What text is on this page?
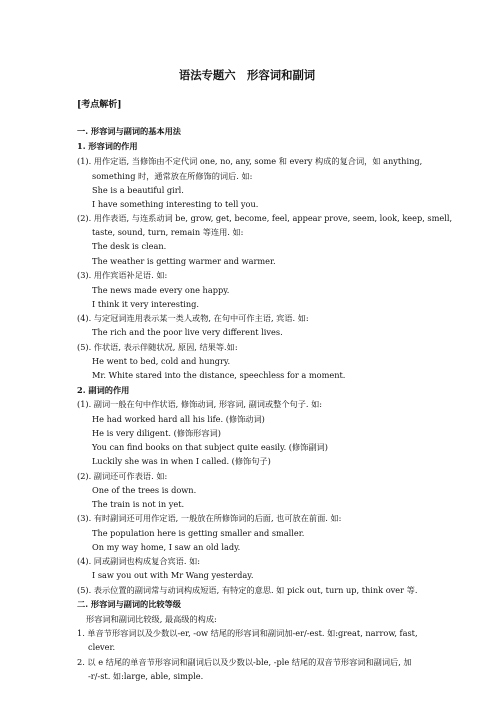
语法专题六　形容词和副词
[考点解析]
一. 形容词与副词的基本用法
1. 形容词的作用
(1). 用作定语, 当修饰由不定代词 one, no, any, some 和 every 构成的复合词，如 anything,
something 时，通常放在所修饰的词后. 如:
She is a beautiful girl.
I have something interesting to tell you.
(2). 用作表语, 与连系动词 be, grow, get, become, feel, appear prove, seem, look, keep, smell,
taste, sound, turn, remain 等连用. 如:
The desk is clean.
The weather is getting warmer and warmer.
(3). 用作宾语补足语. 如:
The news made every one happy.
I think it very interesting.
(4). 与定冠词连用表示某一类人或物, 在句中可作主语, 宾语. 如:
The rich and the poor live very different lives.
(5). 作状语, 表示伴随状况, 原因, 结果等.如:
He went to bed, cold and hungry.
Mr. White stared into the distance, speechless for a moment.
2. 副词的作用
(1). 副词一般在句中作状语, 修饰动词, 形容词, 副词或整个句子. 如:
He had worked hard all his life. (修饰动词)
He is very diligent. (修饰形容词)
You can find books on that subject quite easily. (修饰副词)
Luckily she was in when I called. (修饰句子)
(2). 副词还可作表语. 如:
One of the trees is down.
The train is not in yet.
(3). 有时副词还可用作定语, 一般放在所修饰词的后面, 也可放在前面. 如:
The population here is getting smaller and smaller.
On my way home, I saw an old lady.
(4). 同或副词也构成复合宾语. 如:
I saw you out with Mr Wang yesterday.
(5). 表示位置的副词常与动词构成短语, 有特定的意思. 如 pick out, turn up, think over 等.
二. 形容词与副词的比较等级
形容词和副词比较级, 最高级的构成:
1. 单音节形容词以及少数以-er, -ow 结尾的形容词和副词加-er/-est. 如:great, narrow, fast,
clever.
2. 以 e 结尾的单音节形容词和副词后以及少数以-ble, -ple 结尾的双音节形容词和副词后, 加
-r/-st. 如:large, able, simple.
